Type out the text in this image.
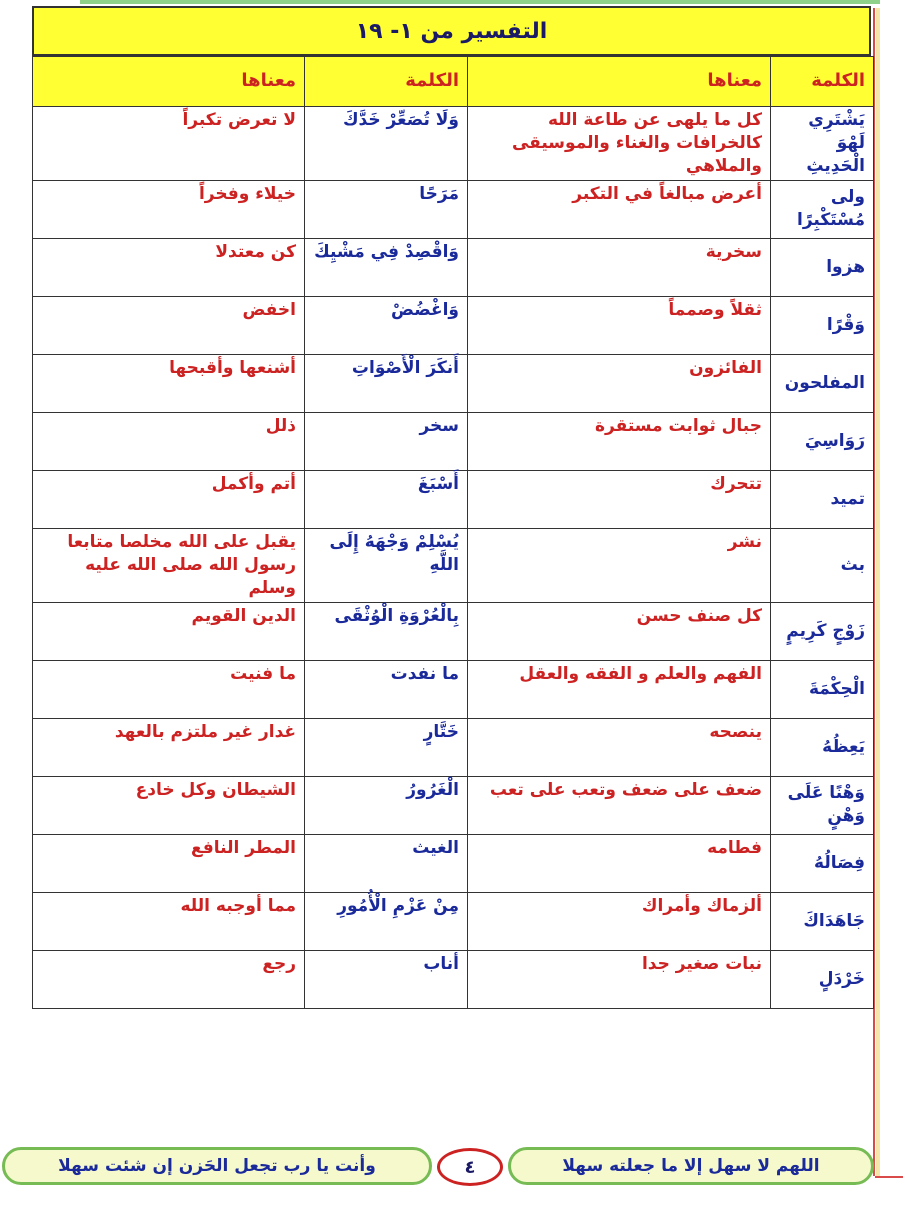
التفسير من ١- ١٩
الكلمة	معناها	الكلمة	معناها
يَشْتَرِي لَهْوَ الْحَدِيثِ	كل ما يلهى عن طاعة الله كالخرافات والغناء والموسيقى والملاهي	وَلَا تُصَعِّرْ خَدَّكَ	لا تعرض تكبراً
ولى مُسْتَكْبِرًا	أعرض مبالغاً في التكبر	مَرَحًا	خيلاء وفخراً
هزوا	سخرية	وَاقْصِدْ فِي مَشْيِكَ	كن معتدلا
وَقْرًا	ثقلاً وصمماً	وَاغْضُضْ	اخفض
المفلحون	الفائزون	أَنكَرَ الْأَصْوَاتِ	أشنعها وأقبحها
رَوَاسِيَ	جبال ثوابت مستقرة	سخر	ذلل
تميد	تتحرك	أَسْبَغَ	أتم وأكمل
بث	نشر	يُسْلِمْ وَجْهَهُ إِلَى اللَّهِ	يقبل على الله مخلصا متابعا رسول الله صلى الله عليه وسلم
زَوْجٍ كَرِيمٍ	كل صنف حسن	بِالْعُرْوَةِ الْوُثْقَى	الدين القويم
الْحِكْمَةَ	الفهم والعلم و الفقه والعقل	ما نفدت	ما فنيت
يَعِظُهُ	ينصحه	خَتَّارٍ	غدار غير ملتزم بالعهد
وَهْنًا عَلَى وَهْنٍ	ضعف على ضعف وتعب على تعب	الْغَرُورُ	الشيطان وكل خادع
فِصَالُهُ	فطامه	الغيث	المطر النافع
جَاهَدَاكَ	ألزماك وأمراك	مِنْ عَزْمِ الْأُمُورِ	مما أوجبه الله
خَرْدَلٍ	نبات صغير جدا	أناب	رجع
وأنت يا رب تجعل الحَزن إن شئت سهلا	٤	اللهم لا سهل إلا ما جعلته سهلا
